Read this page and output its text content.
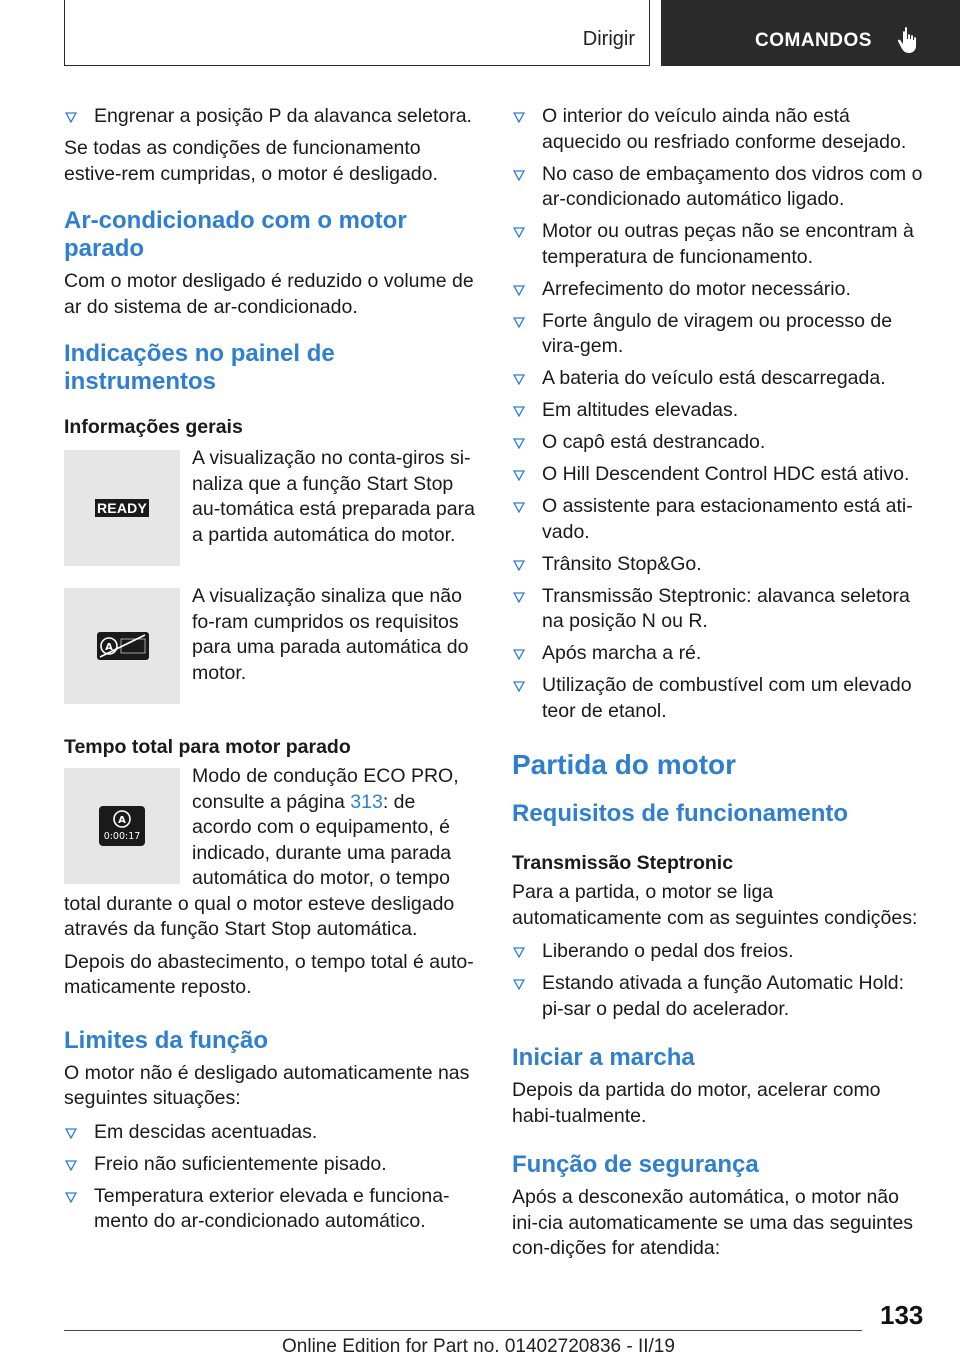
Dirigir	COMANDOS
Engrenar a posição P da alavanca seletora.

Se todas as condições de funcionamento estive‐rem cumpridas, o motor é desligado.

Ar-condicionado com o motor parado

Com o motor desligado é reduzido o volume de ar do sistema de ar-condicionado.

Indicações no painel de instrumentos
Informações gerais
READY

A visualização no conta-giros si‐naliza que a função Start Stop au‐tomática está preparada para a partida automática do motor.

A

A visualização sinaliza que não fo‐ram cumpridos os requisitos para uma parada automática do motor.

Tempo total para motor parado
A
0:00:17

Modo de condução ECO PRO, consulte a página 313: de acordo com o equipamento, é indicado, durante uma parada automática do motor, o tempo total durante o qual o motor esteve desligado através da função Start Stop automática.

Depois do abastecimento, o tempo total é auto‐maticamente reposto.

Limites da função

O motor não é desligado automaticamente nas seguintes situações:

Em descidas acentuadas.
Freio não suficientemente pisado.
Temperatura exterior elevada e funciona‐mento do ar-condicionado automático.
O interior do veículo ainda não está aquecido ou resfriado conforme desejado.
No caso de embaçamento dos vidros com o ar-condicionado automático ligado.
Motor ou outras peças não se encontram à temperatura de funcionamento.
Arrefecimento do motor necessário.
Forte ângulo de viragem ou processo de vira‐gem.
A bateria do veículo está descarregada.
Em altitudes elevadas.
O capô está destrancado.
O Hill Descendent Control HDC está ativo.
O assistente para estacionamento está ati‐vado.
Trânsito Stop&Go.
Transmissão Steptronic: alavanca seletora na posição N ou R.
Após marcha a ré.
Utilização de combustível com um elevado teor de etanol.
Partida do motor
Requisitos de funcionamento
Transmissão Steptronic

Para a partida, o motor se liga automaticamente com as seguintes condições:

Liberando o pedal dos freios.
Estando ativada a função Automatic Hold: pi‐sar o pedal do acelerador.
Iniciar a marcha

Depois da partida do motor, acelerar como habi‐tualmente.

Função de segurança

Após a desconexão automática, o motor não ini‐cia automaticamente se uma das seguintes con‐dições for atendida:

133
Online Edition for Part no. 01402720836 - II/19
